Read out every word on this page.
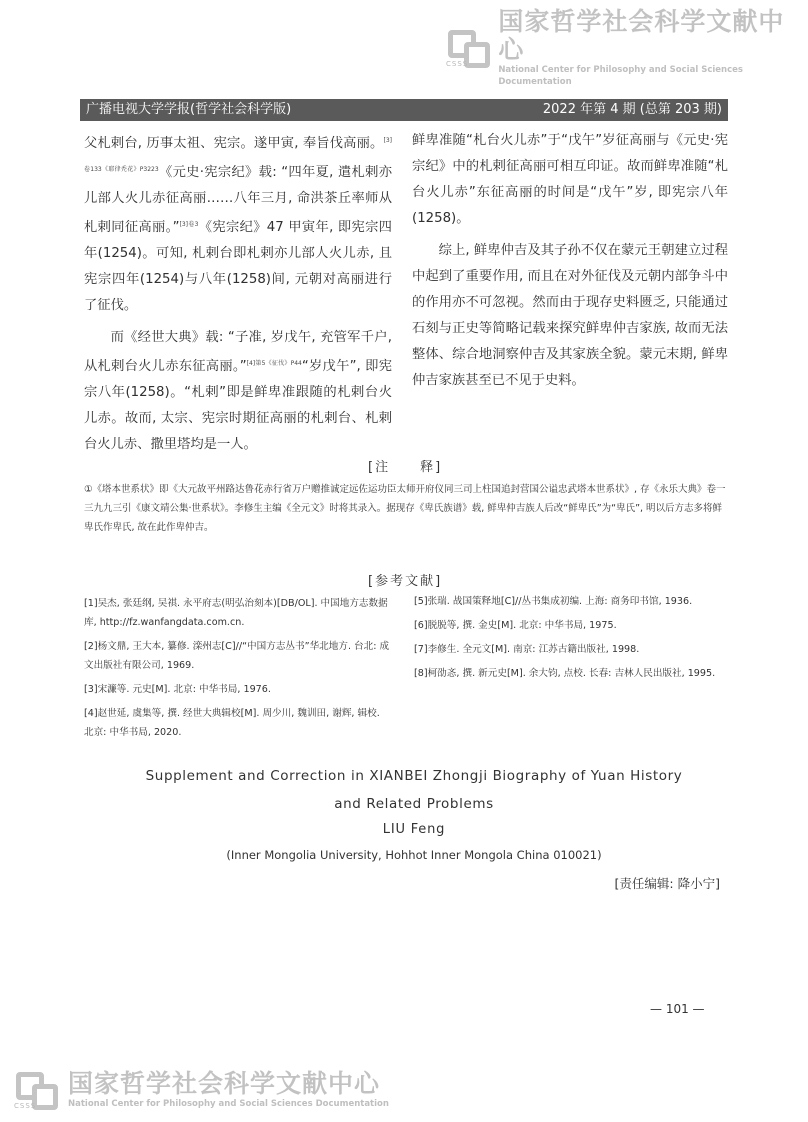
CSSS
国家哲学社会科学文献中心
National Center for Philosophy and Social Sciences Documentation
广播电视大学学报(哲学社会科学版)	2022 年第 4 期 (总第 203 期)

父札剌台, 历事太祖、宪宗。遂甲寅, 奉旨伐高丽。$^{[3]卷133《耶律秃花》P3223}$《元史·宪宗纪》载: “四年夏, 遣札剌亦儿部人火儿赤征高丽……八年三月, 命洪茶丘率师从札剌同征高丽。”$^{[3]卷3}$《宪宗纪》47 甲寅年, 即宪宗四年(1254)。可知, 札剌台即札剌亦儿部人火儿赤, 且宪宗四年(1254)与八年(1258)间, 元朝对高丽进行了征伐。

而《经世大典》载: “子准, 岁戊午, 充管军千户, 从札剌台火儿赤东征高丽。”$^{[4]第5《征伐》P44}$“岁戊午”, 即宪宗八年(1258)。“札剌”即是鲜卑准跟随的札剌台火儿赤。故而, 太宗、宪宗时期征高丽的札剌台、札剌台火儿赤、撒里塔均是一人。

鲜卑准随“札台火儿赤”于“戊午”岁征高丽与《元史·宪宗纪》中的札剌征高丽可相互印证。故而鲜卑准随“札台火儿赤”东征高丽的时间是“戊午”岁, 即宪宗八年(1258)。

综上, 鲜卑仲吉及其子孙不仅在蒙元王朝建立过程中起到了重要作用, 而且在对外征伐及元朝内部争斗中的作用亦不可忽视。然而由于现存史料匮乏, 只能通过石刻与正史等简略记载来探究鲜卑仲吉家族, 故而无法整体、综合地洞察仲吉及其家族全貌。蒙元末期, 鲜卑仲吉家族甚至已不见于史料。

[注　　释]
①《塔本世系状》即《大元故平州路达鲁花赤行省万户赠推诚定远佐运功臣太师开府仪同三司上柱国追封营国公谥忠武塔本世系状》, 存《永乐大典》卷一三九九三引《康文靖公集·世系状》。李修生主编《全元文》时将其录入。据现存《卑氏族谱》载, 鲜卑仲吉族人后改“鲜卑氏”为“卑氏”, 明以后方志多将鲜卑氏作卑氏, 故在此作卑仲吉。
[参考文献]
[1]吴杰, 张廷纲, 吴祺. 永平府志(明弘治刻本)[DB/OL]. 中国地方志数据库, http://fz.wanfangdata.com.cn.
[2]杨文鼎, 王大本, 纂修. 滦州志[C]//“中国方志丛书”华北地方. 台北: 成文出版社有限公司, 1969.
[3]宋濂等. 元史[M]. 北京: 中华书局, 1976.
[4]赵世延, 虞集等, 撰. 经世大典辑校[M]. 周少川, 魏训田, 谢辉, 辑校. 北京: 中华书局, 2020.
[5]张瑞. 战国策释地[C]//丛书集成初编. 上海: 商务印书馆, 1936.
[6]脱脱等, 撰. 金史[M]. 北京: 中华书局, 1975.
[7]李修生. 全元文[M]. 南京: 江苏古籍出版社, 1998.
[8]柯劭忞, 撰. 新元史[M]. 余大钧, 点校. 长春: 吉林人民出版社, 1995.
Supplement and Correction in XIANBEI Zhongji Biography of Yuan History
and Related Problems
LIU Feng
(Inner Mongolia University, Hohhot Inner Mongola China 010021)
[责任编辑: 降小宁]
— 101 —
CSSS
国家哲学社会科学文献中心
National Center for Philosophy and Social Sciences Documentation
